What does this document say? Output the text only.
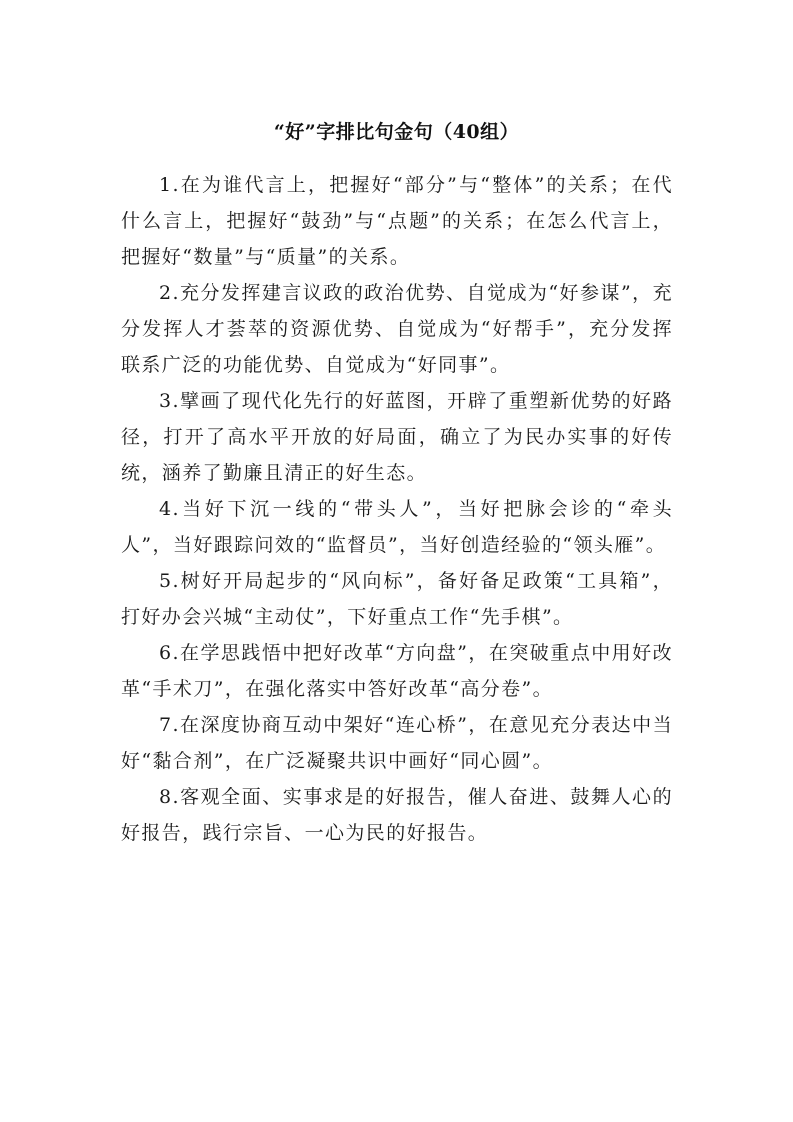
“好”字排比句金句（40组）

1.在为谁代言上，把握好“部分”与“整体”的关系；在代什么言上，把握好“鼓劲”与“点题”的关系；在怎么代言上，把握好“数量”与“质量”的关系。

2.充分发挥建言议政的政治优势、自觉成为“好参谋”，充分发挥人才荟萃的资源优势、自觉成为“好帮手”，充分发挥联系广泛的功能优势、自觉成为“好同事”。

3.擘画了现代化先行的好蓝图，开辟了重塑新优势的好路径，打开了高水平开放的好局面，确立了为民办实事的好传统，涵养了勤廉且清正的好生态。

4.当好下沉一线的“带头人”，当好把脉会诊的“牵头人”，当好跟踪问效的“监督员”，当好创造经验的“领头雁”。

5.树好开局起步的“风向标”，备好备足政策“工具箱”，打好办会兴城“主动仗”，下好重点工作“先手棋”。

6.在学思践悟中把好改革“方向盘”，在突破重点中用好改革“手术刀”，在强化落实中答好改革“高分卷”。

7.在深度协商互动中架好“连心桥”，在意见充分表达中当好“黏合剂”，在广泛凝聚共识中画好“同心圆”。

8.客观全面、实事求是的好报告，催人奋进、鼓舞人心的好报告，践行宗旨、一心为民的好报告。
